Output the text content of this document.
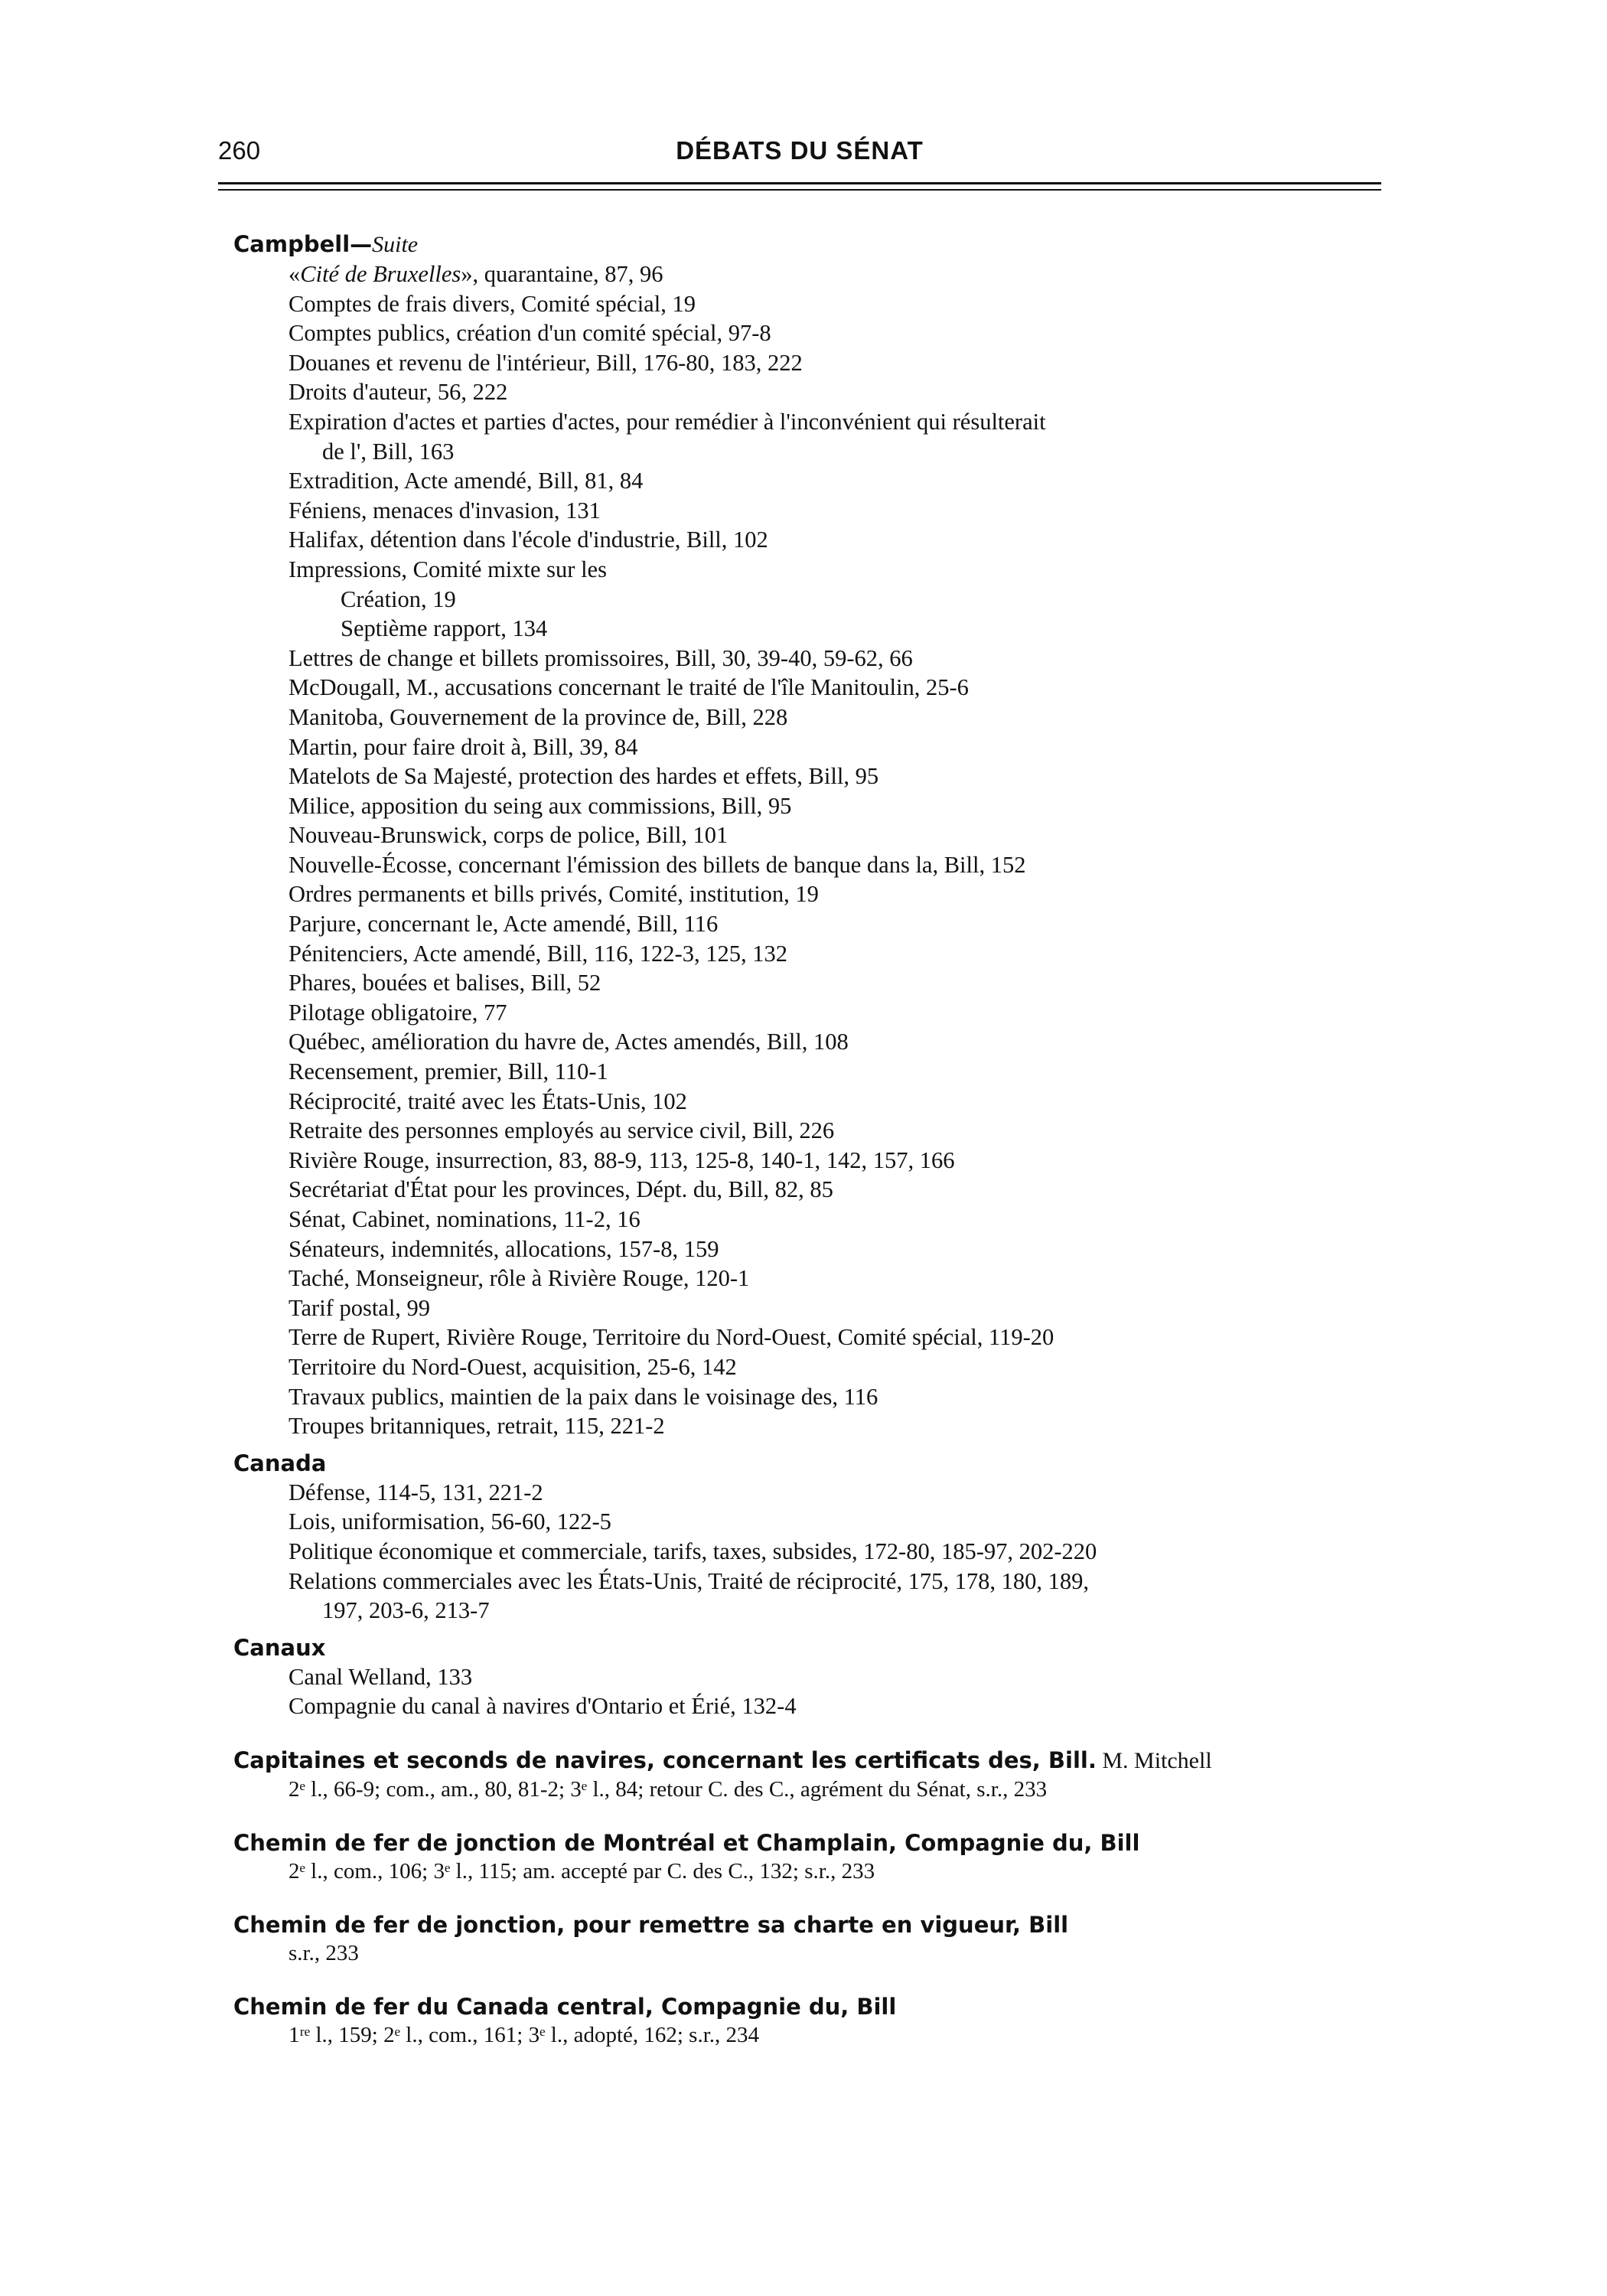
260	DÉBATS DU SÉNAT
Campbell—Suite
«Cité de Bruxelles», quarantaine, 87, 96
Comptes de frais divers, Comité spécial, 19
Comptes publics, création d'un comité spécial, 97-8
Douanes et revenu de l'intérieur, Bill, 176-80, 183, 222
Droits d'auteur, 56, 222
Expiration d'actes et parties d'actes, pour remédier à l'inconvénient qui résulterait
de l', Bill, 163
Extradition, Acte amendé, Bill, 81, 84
Féniens, menaces d'invasion, 131
Halifax, détention dans l'école d'industrie, Bill, 102
Impressions, Comité mixte sur les
Création, 19
Septième rapport, 134
Lettres de change et billets promissoires, Bill, 30, 39-40, 59-62, 66
McDougall, M., accusations concernant le traité de l'île Manitoulin, 25-6
Manitoba, Gouvernement de la province de, Bill, 228
Martin, pour faire droit à, Bill, 39, 84
Matelots de Sa Majesté, protection des hardes et effets, Bill, 95
Milice, apposition du seing aux commissions, Bill, 95
Nouveau-Brunswick, corps de police, Bill, 101
Nouvelle-Écosse, concernant l'émission des billets de banque dans la, Bill, 152
Ordres permanents et bills privés, Comité, institution, 19
Parjure, concernant le, Acte amendé, Bill, 116
Pénitenciers, Acte amendé, Bill, 116, 122-3, 125, 132
Phares, bouées et balises, Bill, 52
Pilotage obligatoire, 77
Québec, amélioration du havre de, Actes amendés, Bill, 108
Recensement, premier, Bill, 110-1
Réciprocité, traité avec les États-Unis, 102
Retraite des personnes employés au service civil, Bill, 226
Rivière Rouge, insurrection, 83, 88-9, 113, 125-8, 140-1, 142, 157, 166
Secrétariat d'État pour les provinces, Dépt. du, Bill, 82, 85
Sénat, Cabinet, nominations, 11-2, 16
Sénateurs, indemnités, allocations, 157-8, 159
Taché, Monseigneur, rôle à Rivière Rouge, 120-1
Tarif postal, 99
Terre de Rupert, Rivière Rouge, Territoire du Nord-Ouest, Comité spécial, 119-20
Territoire du Nord-Ouest, acquisition, 25-6, 142
Travaux publics, maintien de la paix dans le voisinage des, 116
Troupes britanniques, retrait, 115, 221-2
Canada
Défense, 114-5, 131, 221-2
Lois, uniformisation, 56-60, 122-5
Politique économique et commerciale, tarifs, taxes, subsides, 172-80, 185-97, 202-220
Relations commerciales avec les États-Unis, Traité de réciprocité, 175, 178, 180, 189,
197, 203-6, 213-7
Canaux
Canal Welland, 133
Compagnie du canal à navires d'Ontario et Érié, 132-4
Capitaines et seconds de navires, concernant les certificats des, Bill. M. Mitchell
2ᵉ l., 66-9; com., am., 80, 81-2; 3ᵉ l., 84; retour C. des C., agrément du Sénat, s.r., 233
Chemin de fer de jonction de Montréal et Champlain, Compagnie du, Bill
2ᵉ l., com., 106; 3ᵉ l., 115; am. accepté par C. des C., 132; s.r., 233
Chemin de fer de jonction, pour remettre sa charte en vigueur, Bill
s.r., 233
Chemin de fer du Canada central, Compagnie du, Bill
1ʳᵉ l., 159; 2ᵉ l., com., 161; 3ᵉ l., adopté, 162; s.r., 234
